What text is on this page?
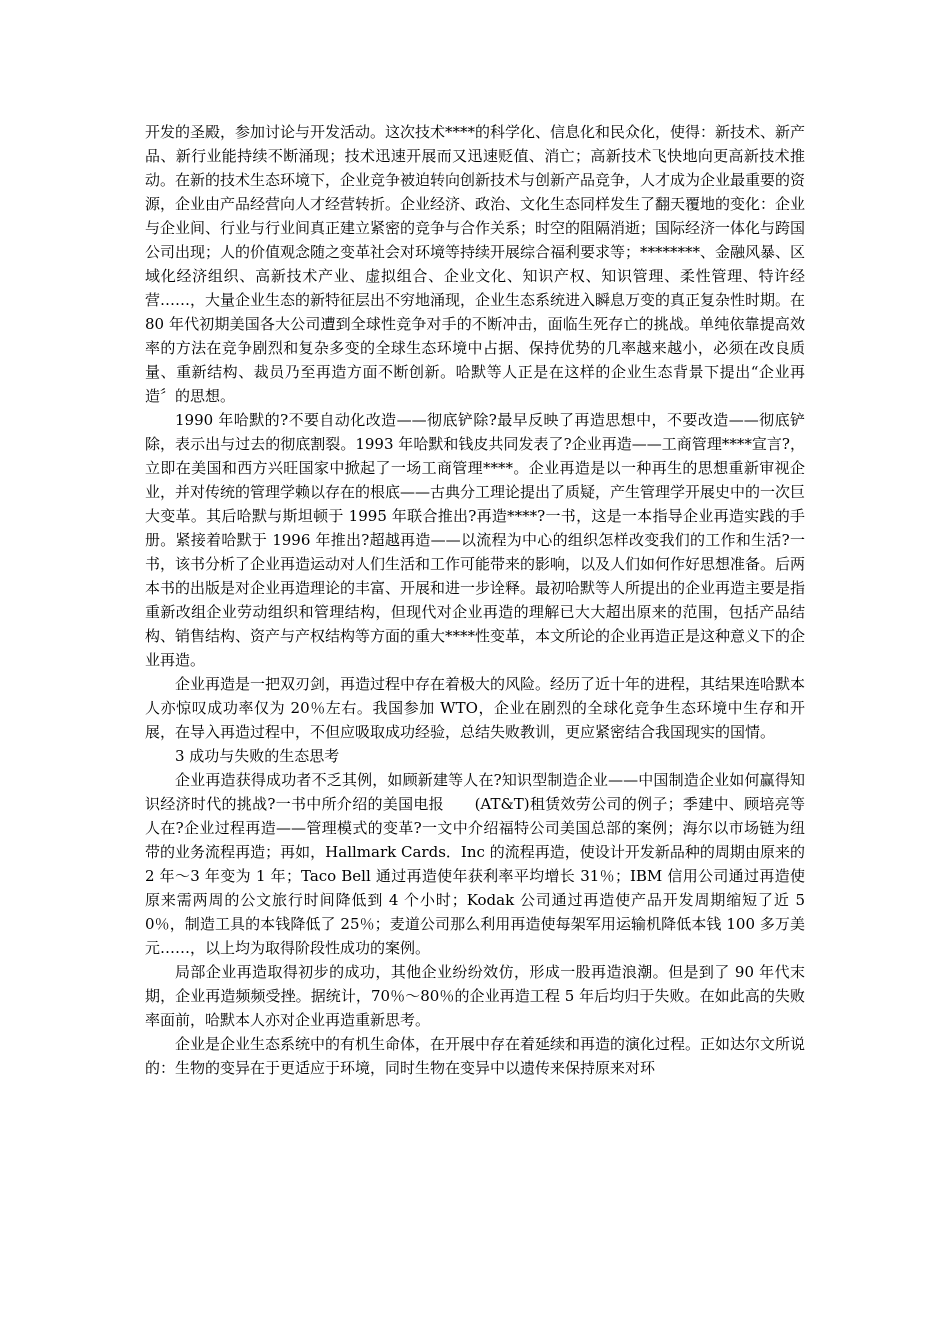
开发的圣殿，参加讨论与开发活动。这次技术****的科学化、信息化和民众化，使得：新技术、新产品、新行业能持续不断涌现；技术迅速开展而又迅速贬值、消亡；高新技术飞快地向更高新技术推动。在新的技术生态环境下，企业竞争被迫转向创新技术与创新产品竞争，人才成为企业最重要的资源，企业由产品经营向人才经营转折。企业经济、政治、文化生态同样发生了翻天覆地的变化：企业与企业间、行业与行业间真正建立紧密的竞争与合作关系；时空的阻隔消逝；国际经济一体化与跨国公司出现；人的价值观念随之变革社会对环境等持续开展综合福利要求等；********、金融风暴、区域化经济组织、高新技术产业、虚拟组合、企业文化、知识产权、知识管理、柔性管理、特许经营……，大量企业生态的新特征层出不穷地涌现，企业生态系统进入瞬息万变的真正复杂性时期。在 80 年代初期美国各大公司遭到全球性竞争对手的不断冲击，面临生死存亡的挑战。单纯依靠提高效率的方法在竞争剧烈和复杂多变的全球生态环境中占据、保持优势的几率越来越小，必须在改良质量、重新结构、裁员乃至再造方面不断创新。哈默等人正是在这样的企业生态背景下提出“企业再造〞的思想。

1990 年哈默的?不要自动化改造——彻底铲除?最早反映了再造思想中，不要改造——彻底铲除，表示出与过去的彻底割裂。1993 年哈默和钱皮共同发表了?企业再造——工商管理****宣言?，立即在美国和西方兴旺国家中掀起了一场工商管理****。企业再造是以一种再生的思想重新审视企业，并对传统的管理学赖以存在的根底——古典分工理论提出了质疑，产生管理学开展史中的一次巨大变革。其后哈默与斯坦顿于 1995 年联合推出?再造****?一书，这是一本指导企业再造实践的手册。紧接着哈默于 1996 年推出?超越再造——以流程为中心的组织怎样改变我们的工作和生活?一书，该书分析了企业再造运动对人们生活和工作可能带来的影响，以及人们如何作好思想准备。后两本书的出版是对企业再造理论的丰富、开展和进一步诠释。最初哈默等人所提出的企业再造主要是指重新改组企业劳动组织和管理结构，但现代对企业再造的理解已大大超出原来的范围，包括产品结构、销售结构、资产与产权结构等方面的重大****性变革，本文所论的企业再造正是这种意义下的企业再造。

企业再造是一把双刃剑，再造过程中存在着极大的风险。经历了近十年的进程，其结果连哈默本人亦惊叹成功率仅为 20％左右。我国参加 WTO，企业在剧烈的全球化竞争生态环境中生存和开展，在导入再造过程中，不但应吸取成功经验，总结失败教训，更应紧密结合我国现实的国情。

3 成功与失败的生态思考

企业再造获得成功者不乏其例，如顾新建等人在?知识型制造企业——中国制造企业如何赢得知识经济时代的挑战?一书中所介绍的美国电报　　(AT&T)租赁效劳公司的例子；季建中、顾培亮等人在?企业过程再造——管理模式的变革?一文中介绍福特公司美国总部的案例；海尔以市场链为纽带的业务流程再造；再如，Hallmark Cards．Inc 的流程再造，使设计开发新品种的周期由原来的 2 年～3 年变为 1 年；Taco Bell 通过再造使年获利率平均增长 31％；IBM 信用公司通过再造使原来需两周的公文旅行时间降低到 4 个小时；Kodak 公司通过再造使产品开发周期缩短了近 50％，制造工具的本钱降低了 25％；麦道公司那么利用再造使每架军用运输机降低本钱 100 多万美元……，以上均为取得阶段性成功的案例。

局部企业再造取得初步的成功，其他企业纷纷效仿，形成一股再造浪潮。但是到了 90 年代末期，企业再造频频受挫。据统计，70％～80％的企业再造工程 5 年后均归于失败。在如此高的失败率面前，哈默本人亦对企业再造重新思考。

企业是企业生态系统中的有机生命体，在开展中存在着延续和再造的演化过程。正如达尔文所说的：生物的变异在于更适应于环境，同时生物在变异中以遗传来保持原来对环
